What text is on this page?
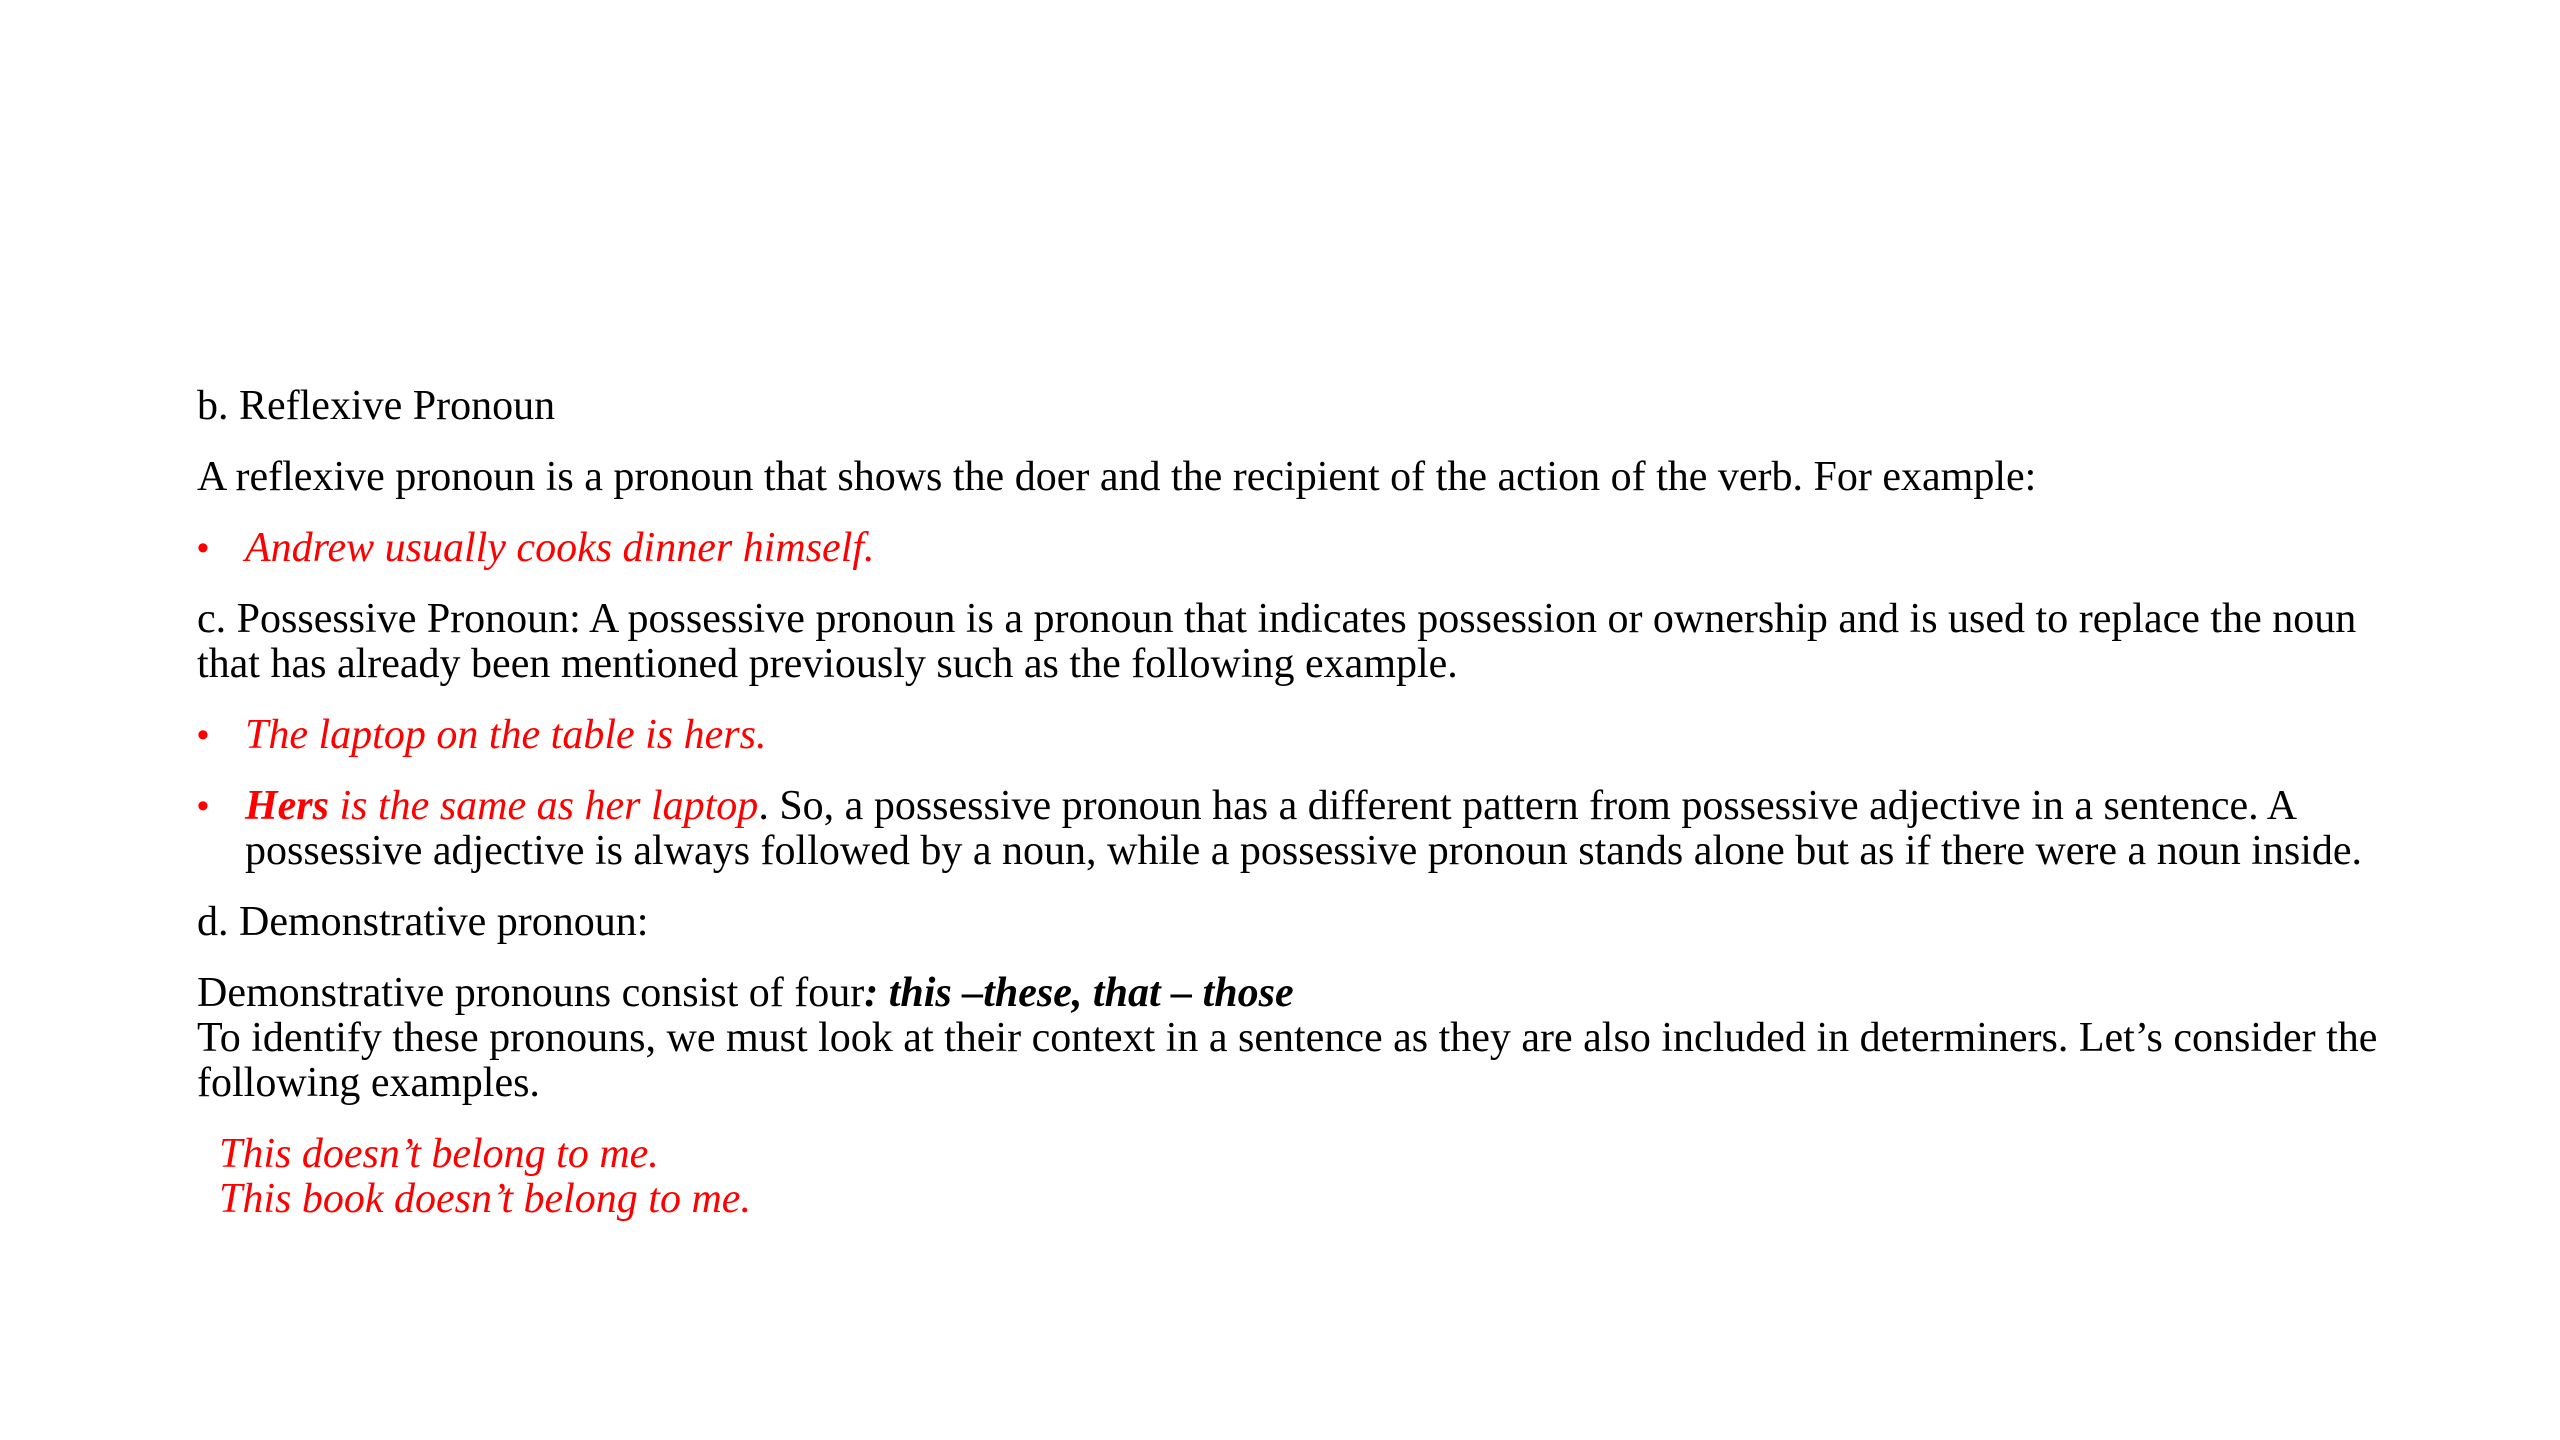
b. Reflexive Pronoun

A reflexive pronoun is a pronoun that shows the doer and the recipient of the action of the verb. For example:

• Andrew usually cooks dinner himself.

c. Possessive Pronoun: A possessive pronoun is a pronoun that indicates possession or ownership and is used to replace the noun that has already been mentioned previously such as the following example.

• The laptop on the table is hers.
• Hers is the same as her laptop. So, a possessive pronoun has a different pattern from possessive adjective in a sentence. A possessive adjective is always followed by a noun, while a possessive pronoun stands alone but as if there were a noun inside.

d. Demonstrative pronoun:

Demonstrative pronouns consist of four: this –these, that – those
To identify these pronouns, we must look at their context in a sentence as they are also included in determiners. Let’s consider the following examples.

This doesn’t belong to me.
This book doesn’t belong to me.
